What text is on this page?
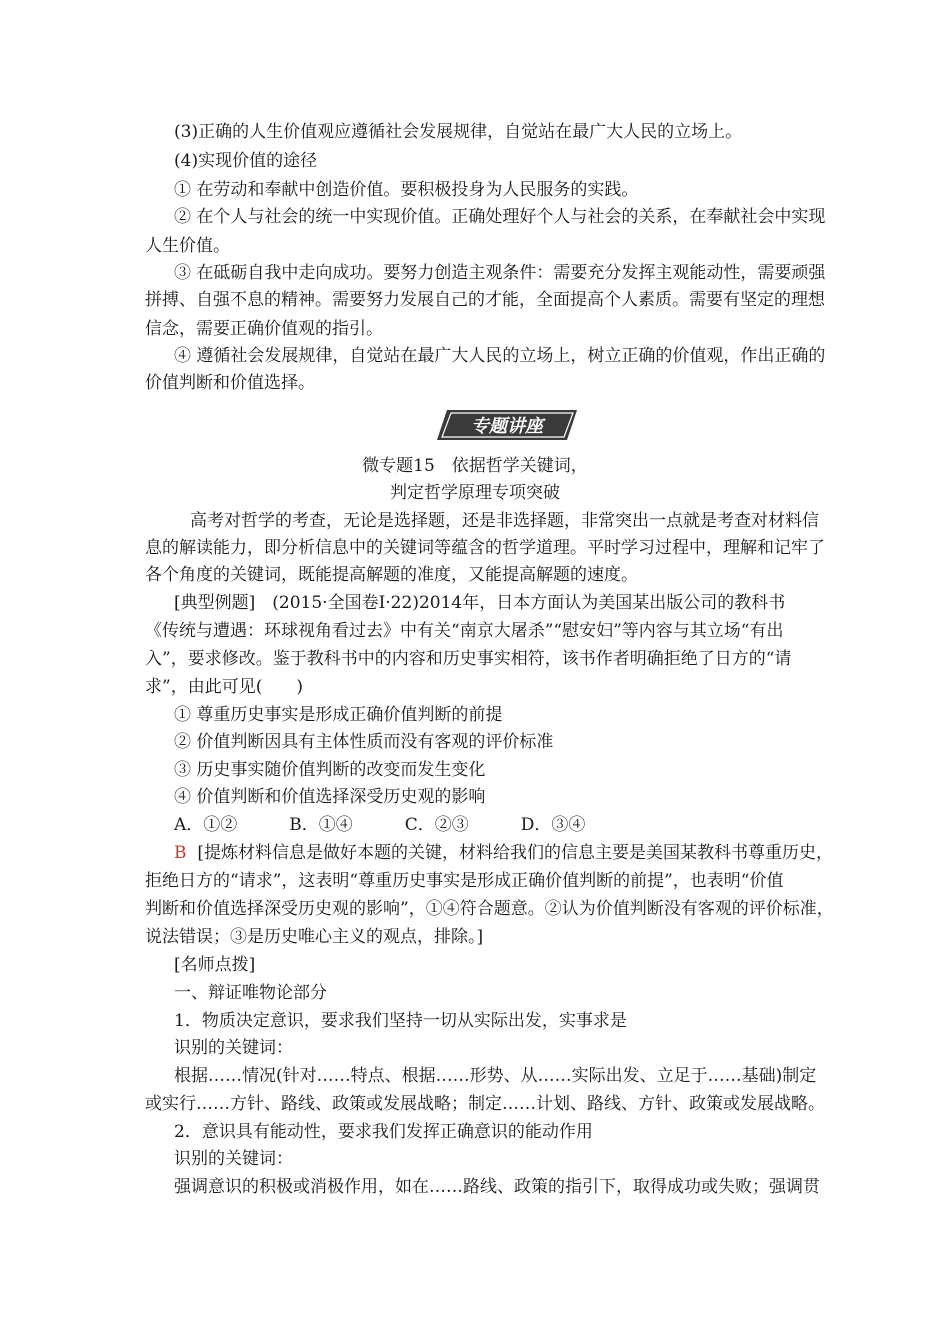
(3)正确的人生价值观应遵循社会发展规律，自觉站在最广大人民的立场上。
(4)实现价值的途径
① 在劳动和奉献中创造价值。要积极投身为人民服务的实践。
② 在个人与社会的统一中实现价值。正确处理好个人与社会的关系，在奉献社会中实现
人生价值。
③ 在砥砺自我中走向成功。要努力创造主观条件：需要充分发挥主观能动性，需要顽强
拼搏、自强不息的精神。需要努力发展自己的才能，全面提高个人素质。需要有坚定的理想
信念，需要正确价值观的指引。
④ 遵循社会发展规律，自觉站在最广大人民的立场上，树立正确的价值观，作出正确的
价值判断和价值选择。
专题讲座
微专题15　依据哲学关键词，
判定哲学原理专项突破
高考对哲学的考查，无论是选择题，还是非选择题，非常突出一点就是考查对材料信
息的解读能力，即分析信息中的关键词等蕴含的哲学道理。平时学习过程中，理解和记牢了
各个角度的关键词，既能提高解题的准度，又能提高解题的速度。
[典型例题]　(2015·全国卷Ⅰ·22)2014年，日本方面认为美国某出版公司的教科书
《传统与遭遇：环球视角看过去》中有关“南京大屠杀”“慰安妇”等内容与其立场“有出
入”，要求修改。鉴于教科书中的内容和历史事实相符，该书作者明确拒绝了日方的“请
求”，由此可见(　　)
① 尊重历史事实是形成正确价值判断的前提
② 价值判断因具有主体性质而没有客观的评价标准
③ 历史事实随价值判断的改变而发生变化
④ 价值判断和价值选择深受历史观的影响
A．①②	B．①④	C．②③	D．③④
B [提炼材料信息是做好本题的关键，材料给我们的信息主要是美国某教科书尊重历史，
拒绝日方的“请求”，这表明“尊重历史事实是形成正确价值判断的前提”，也表明“价值
判断和价值选择深受历史观的影响”，①④符合题意。②认为价值判断没有客观的评价标准，
说法错误；③是历史唯心主义的观点，排除。]
[名师点拨]
一、辩证唯物论部分
1．物质决定意识，要求我们坚持一切从实际出发，实事求是
识别的关键词：
根据……情况(针对……特点、根据……形势、从……实际出发、立足于……基础)制定
或实行……方针、路线、政策或发展战略；制定……计划、路线、方针、政策或发展战略。
2．意识具有能动性，要求我们发挥正确意识的能动作用
识别的关键词：
强调意识的积极或消极作用，如在……路线、政策的指引下，取得成功或失败；强调贯
